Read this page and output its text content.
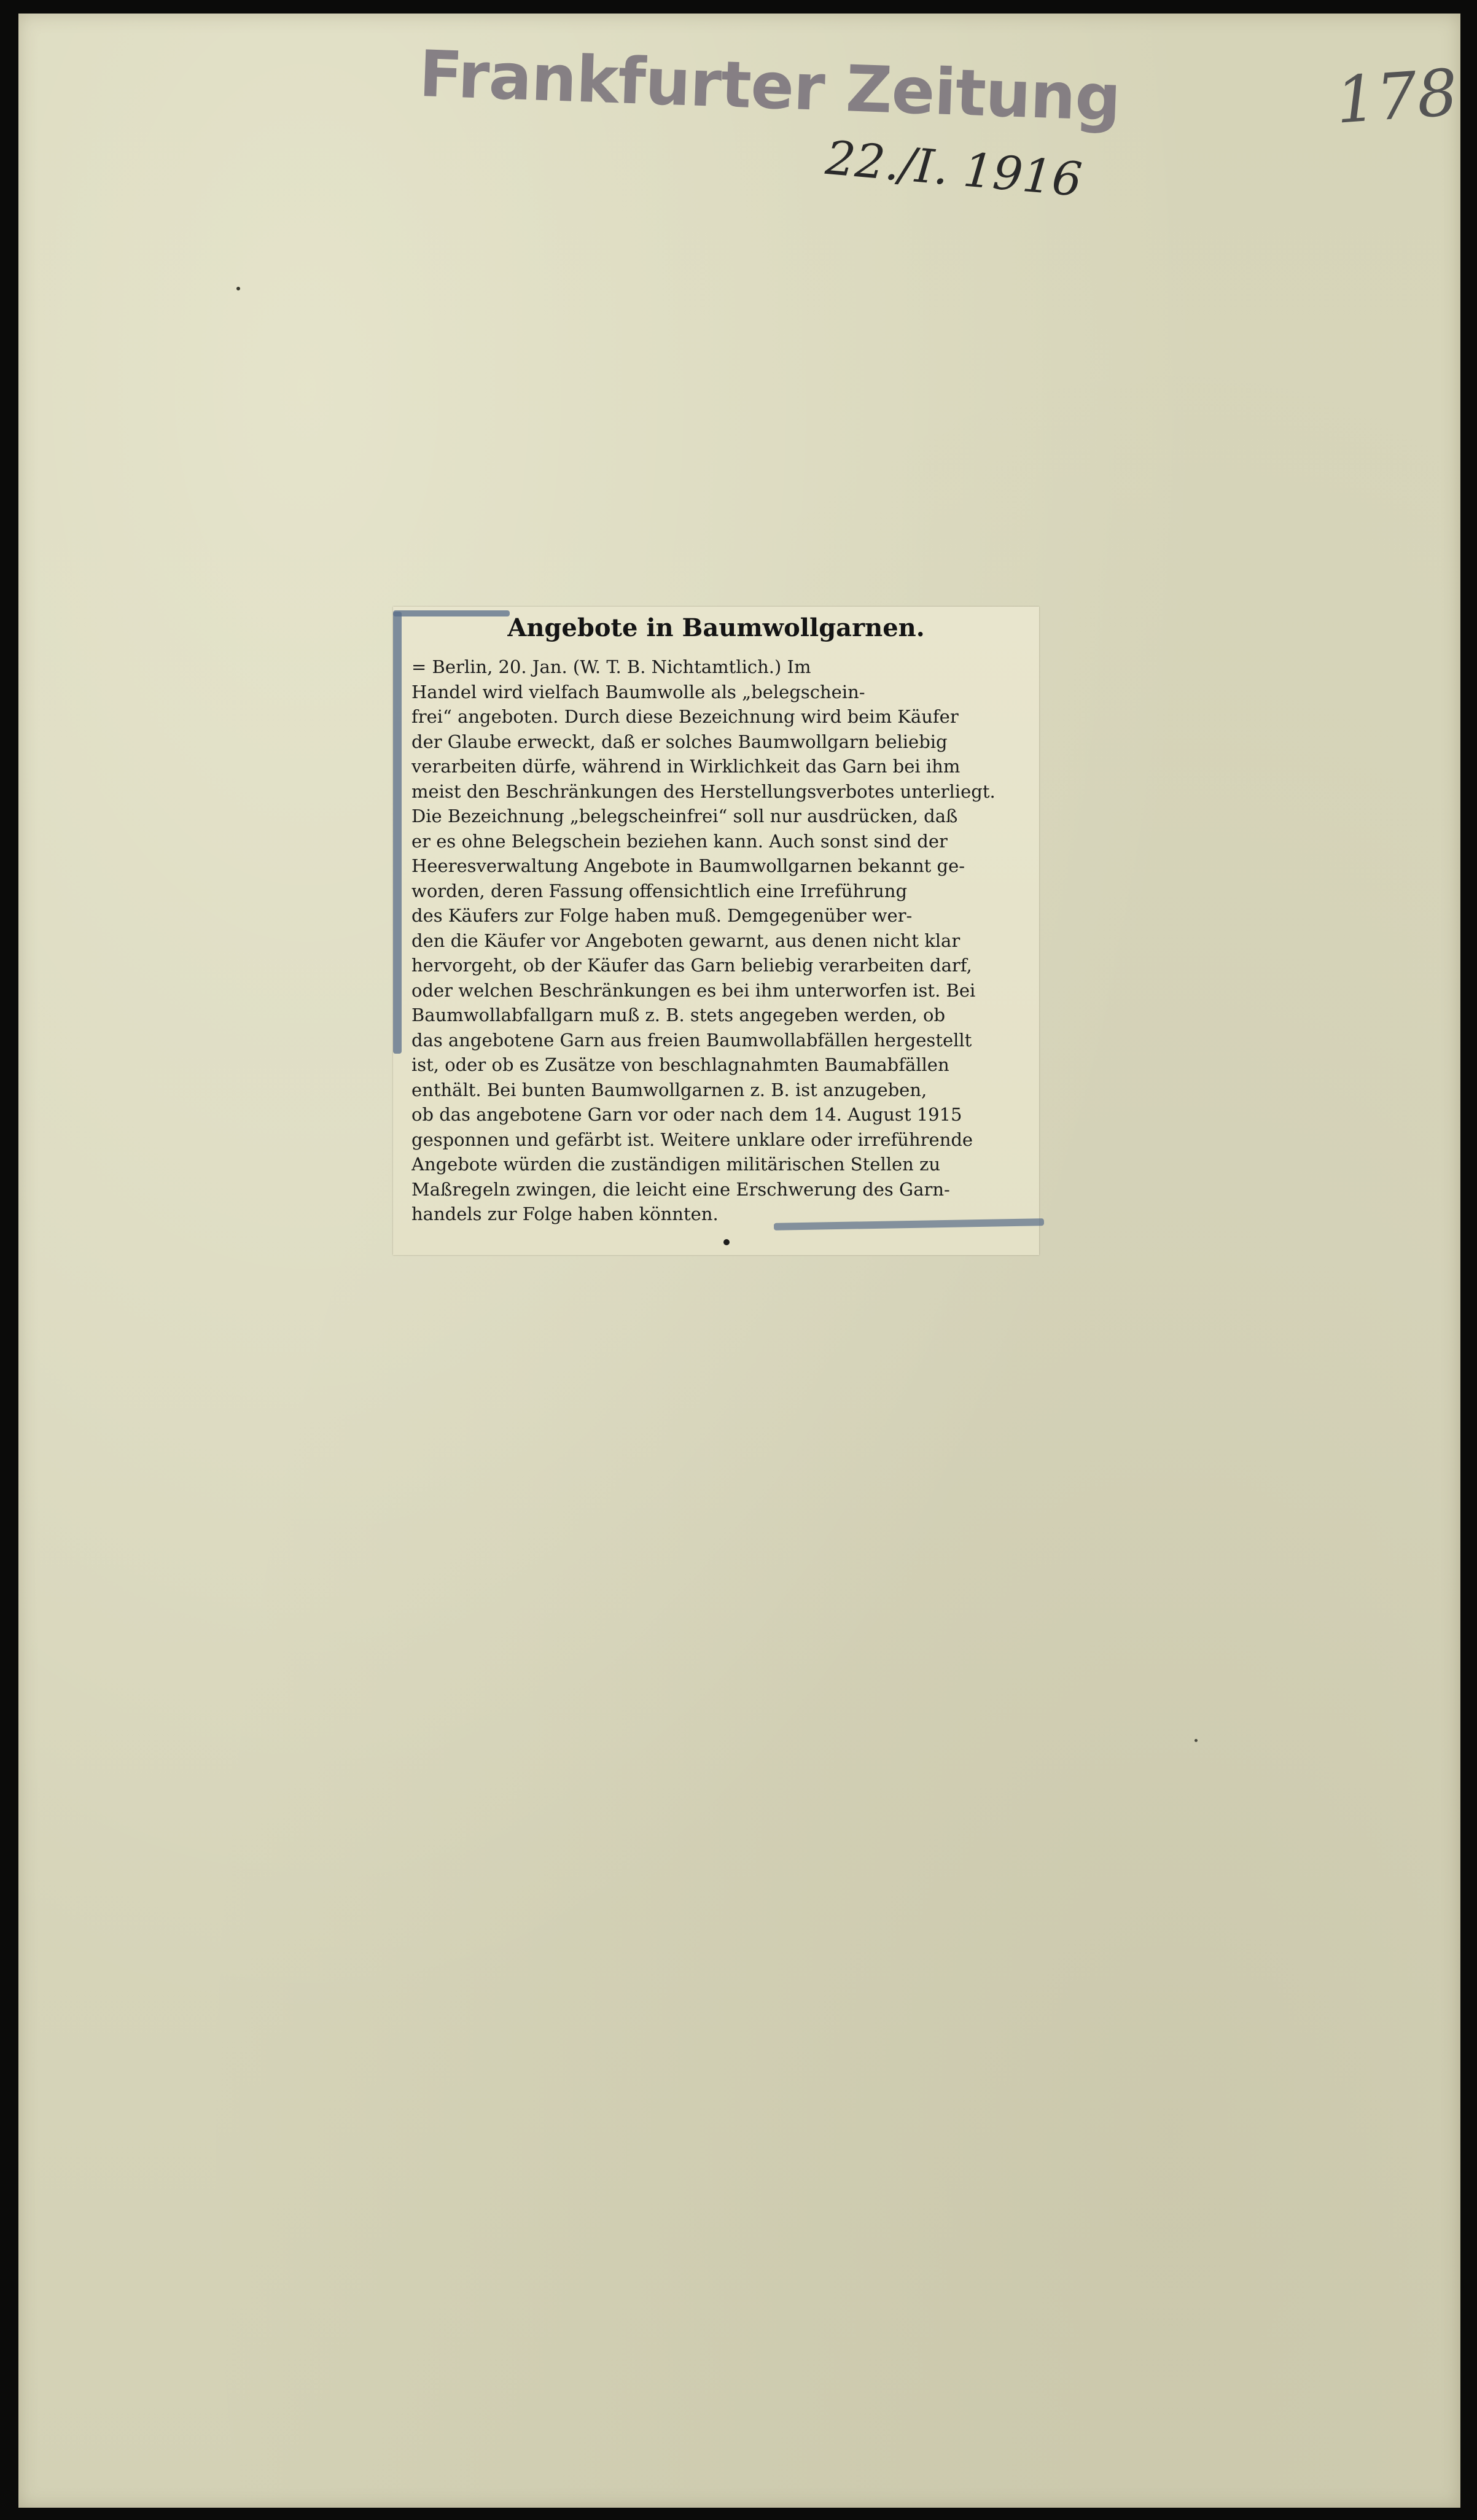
Frankfurter Zeitung
22./I. 1916
178
Angebote in Baumwollgarnen.
= Berlin, 20. Jan. (W. T. B. Nichtamtlich.) Im
Handel wird vielfach Baumwolle als „belegschein-
frei“ angeboten. Durch diese Bezeichnung wird beim Käufer
der Glaube erweckt, daß er solches Baumwollgarn beliebig
verarbeiten dürfe, während in Wirklichkeit das Garn bei ihm
meist den Beschränkungen des Herstellungsverbotes unterliegt.
Die Bezeichnung „belegscheinfrei“ soll nur ausdrücken, daß
er es ohne Belegschein beziehen kann. Auch sonst sind der
Heeresverwaltung Angebote in Baumwollgarnen bekannt ge-
worden, deren Fassung offensichtlich eine Irreführung
des Käufers zur Folge haben muß. Demgegenüber wer-
den die Käufer vor Angeboten gewarnt, aus denen nicht klar
hervorgeht, ob der Käufer das Garn beliebig verarbeiten darf,
oder welchen Beschränkungen es bei ihm unterworfen ist. Bei
Baumwollabfallgarn muß z. B. stets angegeben werden, ob
das angebotene Garn aus freien Baumwollabfällen hergestellt
ist, oder ob es Zusätze von beschlagnahmten Baumabfällen
enthält. Bei bunten Baumwollgarnen z. B. ist anzugeben,
ob das angebotene Garn vor oder nach dem 14. August 1915
gesponnen und gefärbt ist. Weitere unklare oder irreführende
Angebote würden die zuständigen militärischen Stellen zu
Maßregeln zwingen, die leicht eine Erschwerung des Garn-
handels zur Folge haben könnten.
